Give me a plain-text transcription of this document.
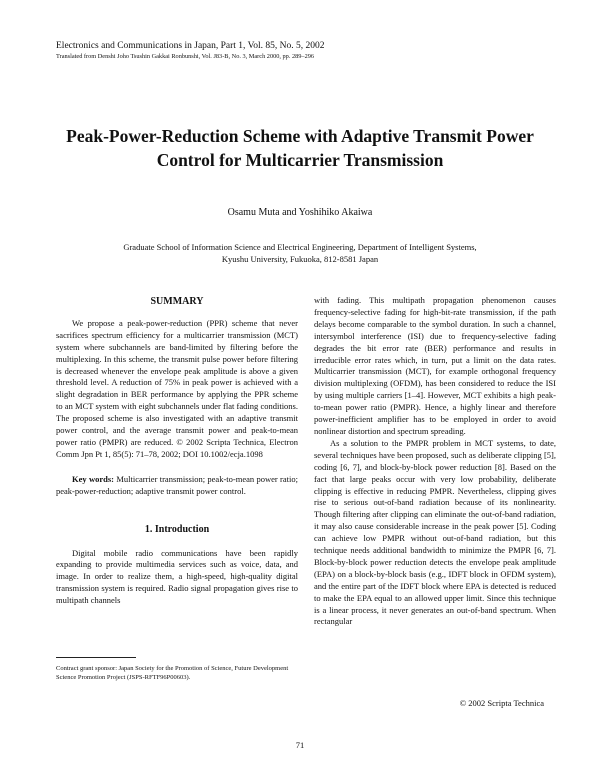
Electronics and Communications in Japan, Part 1, Vol. 85, No. 5, 2002
Translated from Denshi Joho Tsushin Gakkai Ronbunshi, Vol. J83-B, No. 3, March 2000, pp. 289–296
Peak-Power-Reduction Scheme with Adaptive Transmit Power Control for Multicarrier Transmission
Osamu Muta and Yoshihiko Akaiwa
Graduate School of Information Science and Electrical Engineering, Department of Intelligent Systems,
Kyushu University, Fukuoka, 812-8581 Japan
SUMMARY

We propose a peak-power-reduction (PPR) scheme that never sacrifices spectrum efficiency for a multicarrier transmission (MCT) system where subchannels are band-limited by filtering before the multiplexing. In this scheme, the transmit pulse power before filtering is decreased whenever the envelope peak amplitude is above a given threshold level. A reduction of 75% in peak power is achieved with a slight degradation in BER performance by applying the PPR scheme to an MCT system with eight subchannels under flat fading conditions. The proposed scheme is also investigated with an adaptive transmit power control, and the average transmit power and peak-to-mean power ratio (PMPR) are reduced. © 2002 Scripta Technica, Electron Comm Jpn Pt 1, 85(5): 71–78, 2002; DOI 10.1002/ecja.1098

Key words: Multicarrier transmission; peak-to-mean power ratio; peak-power-reduction; adaptive transmit power control.

1. Introduction

Digital mobile radio communications have been rapidly expanding to provide multimedia services such as voice, data, and image. In order to realize them, a high-speed, high-quality digital transmission system is required. Radio signal propagation gives rise to multipath channels

with fading. This multipath propagation phenomenon causes frequency-selective fading for high-bit-rate transmission, if the path delays become comparable to the symbol duration. In such a channel, intersymbol interference (ISI) due to frequency-selective fading degrades the bit error rate (BER) performance and results in irreducible error rates which, in turn, put a limit on the data rates. Multicarrier transmission (MCT), for example orthogonal frequency division multiplexing (OFDM), has been considered to reduce the ISI by using multiple carriers [1–4]. However, MCT exhibits a high peak-to-mean power ratio (PMPR). Hence, a highly linear and therefore power-inefficient amplifier has to be employed in order to avoid nonlinear distortion and spectrum spreading.

As a solution to the PMPR problem in MCT systems, to date, several techniques have been proposed, such as deliberate clipping [5], coding [6, 7], and block-by-block power reduction [8]. Based on the fact that large peaks occur with very low probability, deliberate clipping is effective in reducing PMPR. Nevertheless, clipping gives rise to serious out-of-band radiation because of its nonlinearity. Though filtering after clipping can eliminate the out-of-band radiation, it may also cause considerable increase in the peak power [5]. Coding can achieve low PMPR without out-of-band radiation, but this technique needs additional bandwidth to minimize the PMPR [6, 7]. Block-by-block power reduction detects the envelope peak amplitude (EPA) on a block-by-block basis (e.g., IDFT block in OFDM system), and the entire part of the IDFT block where EPA is detected is reduced to make the EPA equal to an allowed upper limit. Since this technique is a linear process, it never generates an out-of-band spectrum. When rectangular

Contract grant sponsor: Japan Society for the Promotion of Science, Future Development Science Promotion Project (JSPS-RFTF96P00603).
© 2002 Scripta Technica
71
